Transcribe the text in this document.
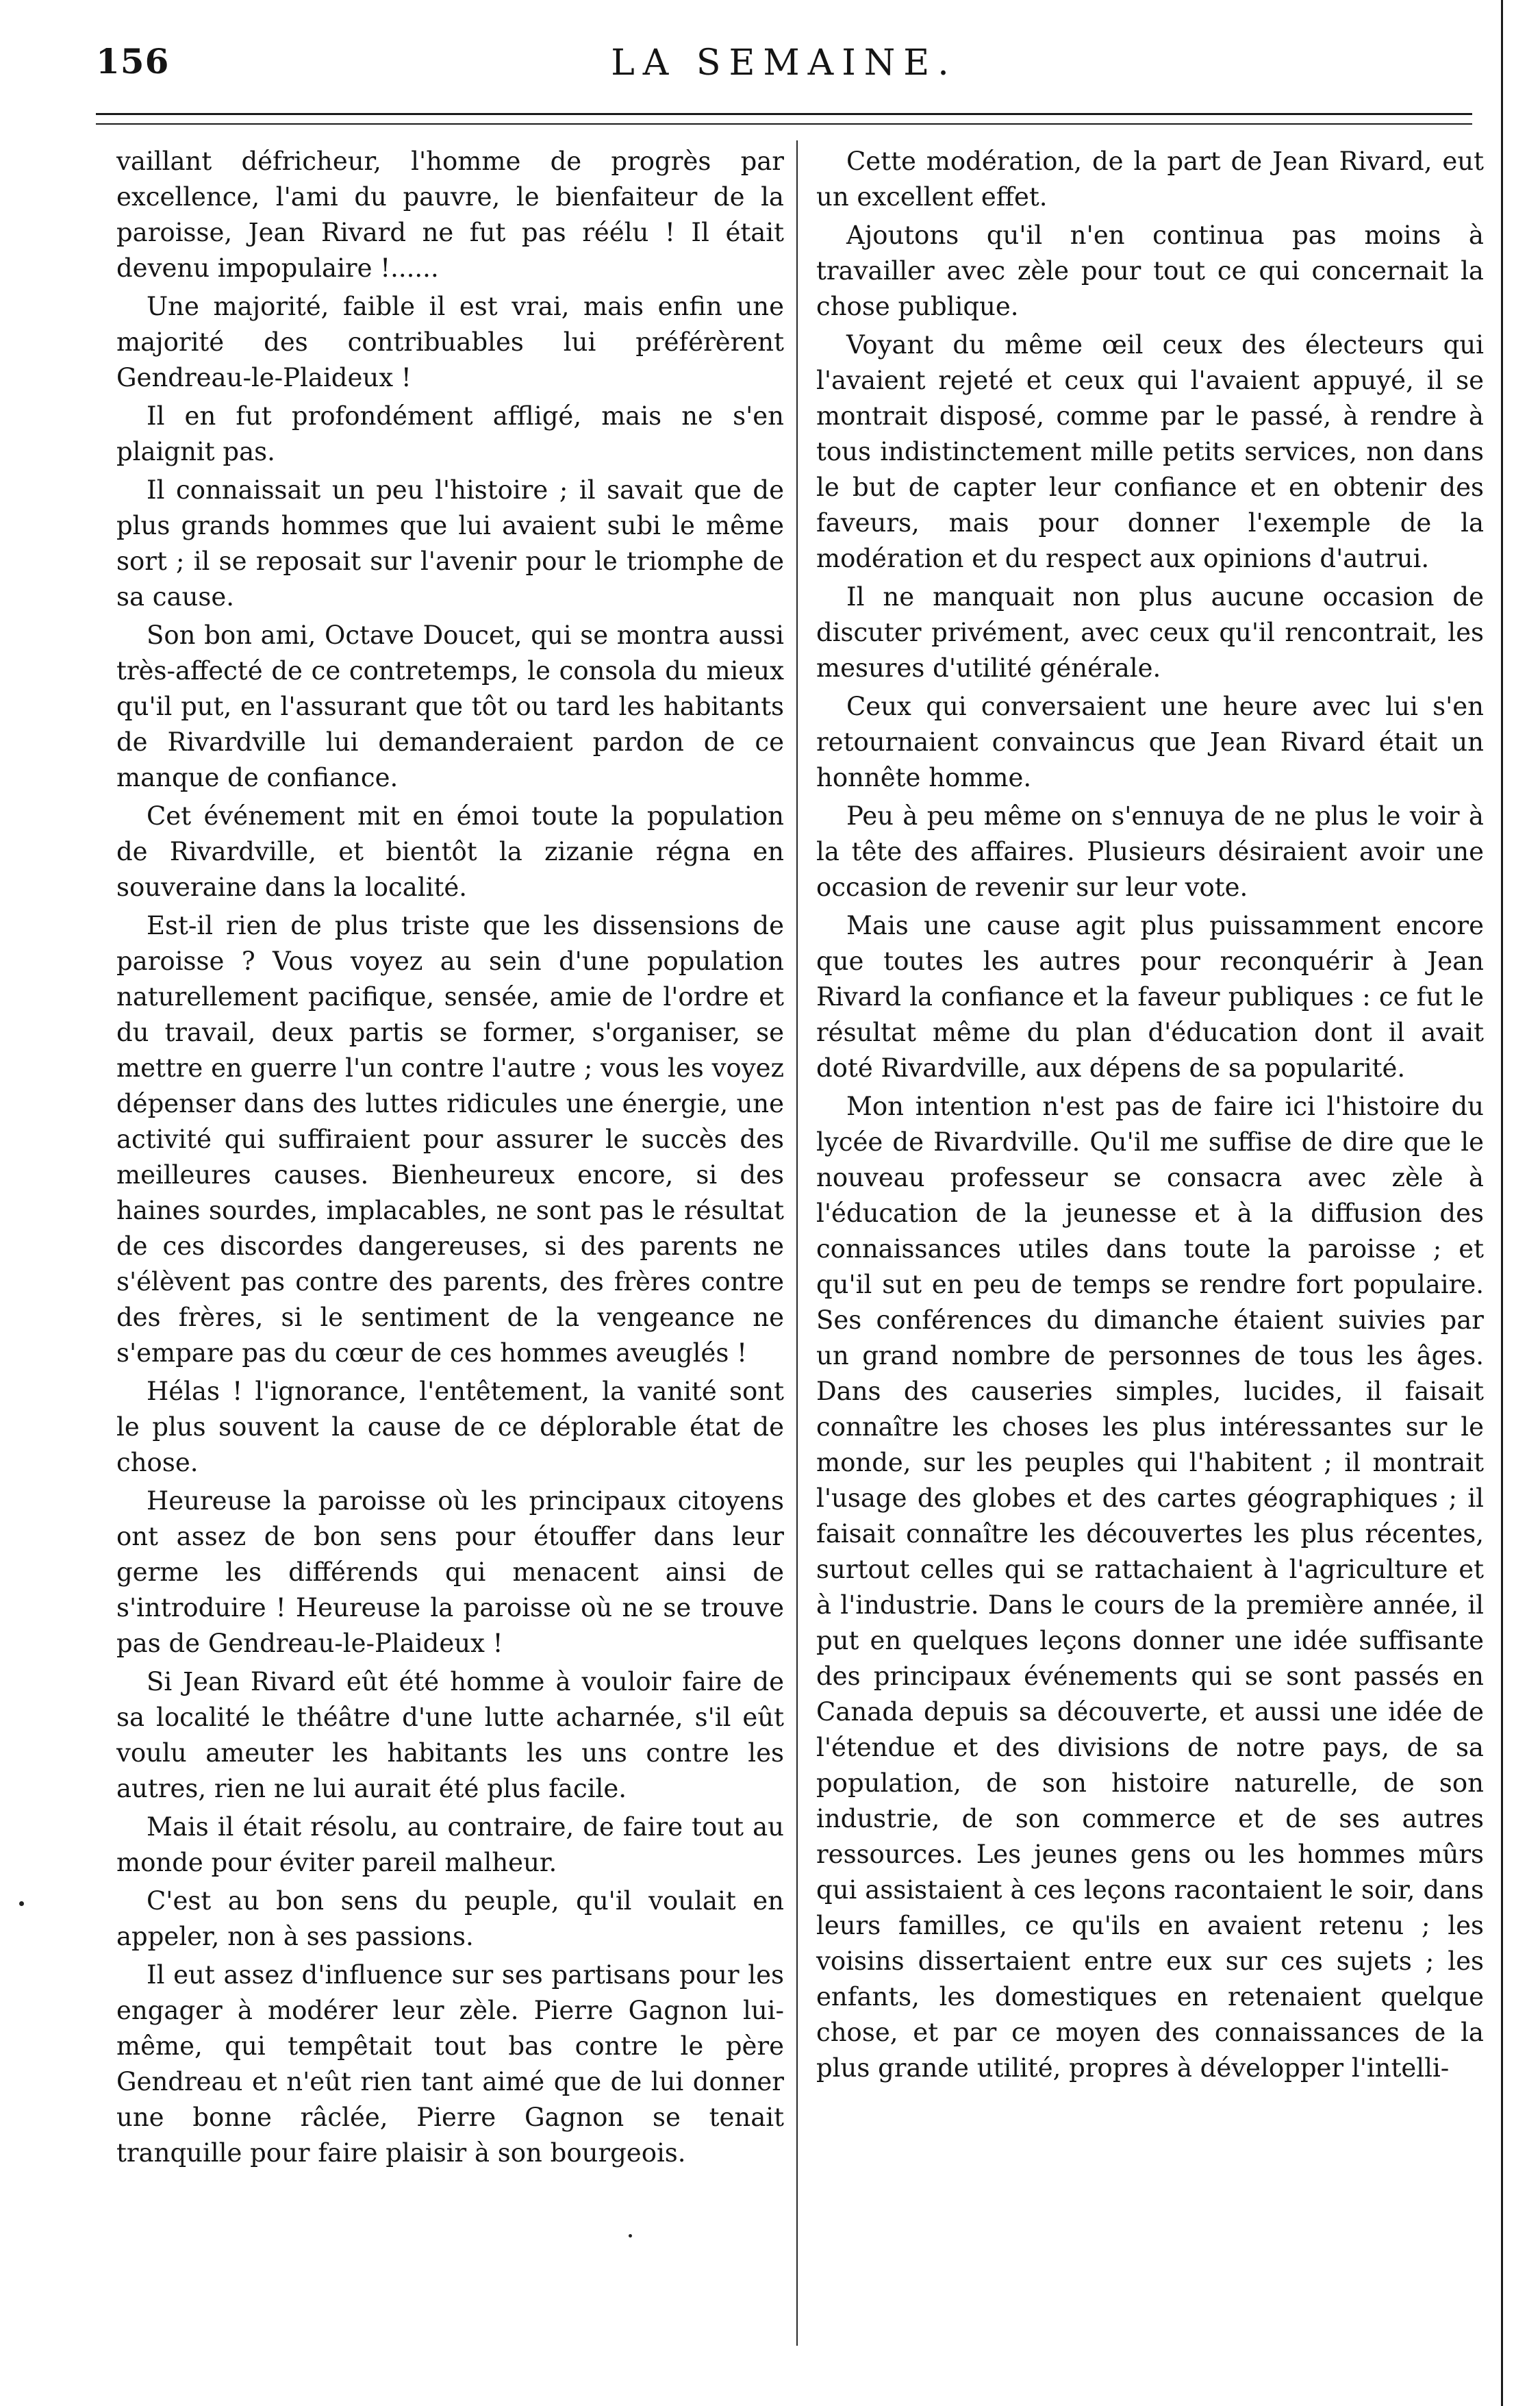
156	LA SEMAINE.

vaillant défricheur, l'homme de progrès par excellence, l'ami du pauvre, le bienfaiteur de la paroisse, Jean Rivard ne fut pas réélu ! Il était devenu impopulaire !......

Une majorité, faible il est vrai, mais enfin une majorité des contribuables lui préférèrent Gendreau-le-Plaideux !

Il en fut profondément affligé, mais ne s'en plaignit pas.

Il connaissait un peu l'histoire ; il savait que de plus grands hommes que lui avaient subi le même sort ; il se reposait sur l'avenir pour le triomphe de sa cause.

Son bon ami, Octave Doucet, qui se montra aussi très-affecté de ce contretemps, le consola du mieux qu'il put, en l'assurant que tôt ou tard les habitants de Rivardville lui demanderaient pardon de ce manque de confiance.

Cet événement mit en émoi toute la population de Rivardville, et bientôt la zizanie régna en souveraine dans la localité.

Est-il rien de plus triste que les dissensions de paroisse ? Vous voyez au sein d'une population naturellement pacifique, sensée, amie de l'ordre et du travail, deux partis se former, s'organiser, se mettre en guerre l'un contre l'autre ; vous les voyez dépenser dans des luttes ridicules une énergie, une activité qui suffiraient pour assurer le succès des meilleures causes. Bienheureux encore, si des haines sourdes, implacables, ne sont pas le résultat de ces discordes dangereuses, si des parents ne s'élèvent pas contre des parents, des frères contre des frères, si le sentiment de la vengeance ne s'empare pas du cœur de ces hommes aveuglés !

Hélas ! l'ignorance, l'entêtement, la vanité sont le plus souvent la cause de ce déplorable état de chose.

Heureuse la paroisse où les principaux citoyens ont assez de bon sens pour étouffer dans leur germe les différends qui menacent ainsi de s'introduire ! Heureuse la paroisse où ne se trouve pas de Gendreau-le-Plaideux !

Si Jean Rivard eût été homme à vouloir faire de sa localité le théâtre d'une lutte acharnée, s'il eût voulu ameuter les habitants les uns contre les autres, rien ne lui aurait été plus facile.

Mais il était résolu, au contraire, de faire tout au monde pour éviter pareil malheur.

C'est au bon sens du peuple, qu'il voulait en appeler, non à ses passions.

Il eut assez d'influence sur ses partisans pour les engager à modérer leur zèle. Pierre Gagnon lui-même, qui tempêtait tout bas contre le père Gendreau et n'eût rien tant aimé que de lui donner une bonne râclée, Pierre Gagnon se tenait tranquille pour faire plaisir à son bourgeois.

Cette modération, de la part de Jean Rivard, eut un excellent effet.

Ajoutons qu'il n'en continua pas moins à travailler avec zèle pour tout ce qui concernait la chose publique.

Voyant du même œil ceux des électeurs qui l'avaient rejeté et ceux qui l'avaient appuyé, il se montrait disposé, comme par le passé, à rendre à tous indistinctement mille petits services, non dans le but de capter leur confiance et en obtenir des faveurs, mais pour donner l'exemple de la modération et du respect aux opinions d'autrui.

Il ne manquait non plus aucune occasion de discuter privément, avec ceux qu'il rencontrait, les mesures d'utilité générale.

Ceux qui conversaient une heure avec lui s'en retournaient convaincus que Jean Rivard était un honnête homme.

Peu à peu même on s'ennuya de ne plus le voir à la tête des affaires. Plusieurs désiraient avoir une occasion de revenir sur leur vote.

Mais une cause agit plus puissamment encore que toutes les autres pour reconquérir à Jean Rivard la confiance et la faveur publiques : ce fut le résultat même du plan d'éducation dont il avait doté Rivardville, aux dépens de sa popularité.

Mon intention n'est pas de faire ici l'histoire du lycée de Rivardville. Qu'il me suffise de dire que le nouveau professeur se consacra avec zèle à l'éducation de la jeunesse et à la diffusion des connaissances utiles dans toute la paroisse ; et qu'il sut en peu de temps se rendre fort populaire. Ses conférences du dimanche étaient suivies par un grand nombre de personnes de tous les âges. Dans des causeries simples, lucides, il faisait connaître les choses les plus intéressantes sur le monde, sur les peuples qui l'habitent ; il montrait l'usage des globes et des cartes géographiques ; il faisait connaître les découvertes les plus récentes, surtout celles qui se rattachaient à l'agriculture et à l'industrie. Dans le cours de la première année, il put en quelques leçons donner une idée suffisante des principaux événements qui se sont passés en Canada depuis sa découverte, et aussi une idée de l'étendue et des divisions de notre pays, de sa population, de son histoire naturelle, de son industrie, de son commerce et de ses autres ressources. Les jeunes gens ou les hommes mûrs qui assistaient à ces leçons racontaient le soir, dans leurs familles, ce qu'ils en avaient retenu ; les voisins dissertaient entre eux sur ces sujets ; les enfants, les domestiques en retenaient quelque chose, et par ce moyen des connaissances de la plus grande utilité, propres à développer l'intelli-
